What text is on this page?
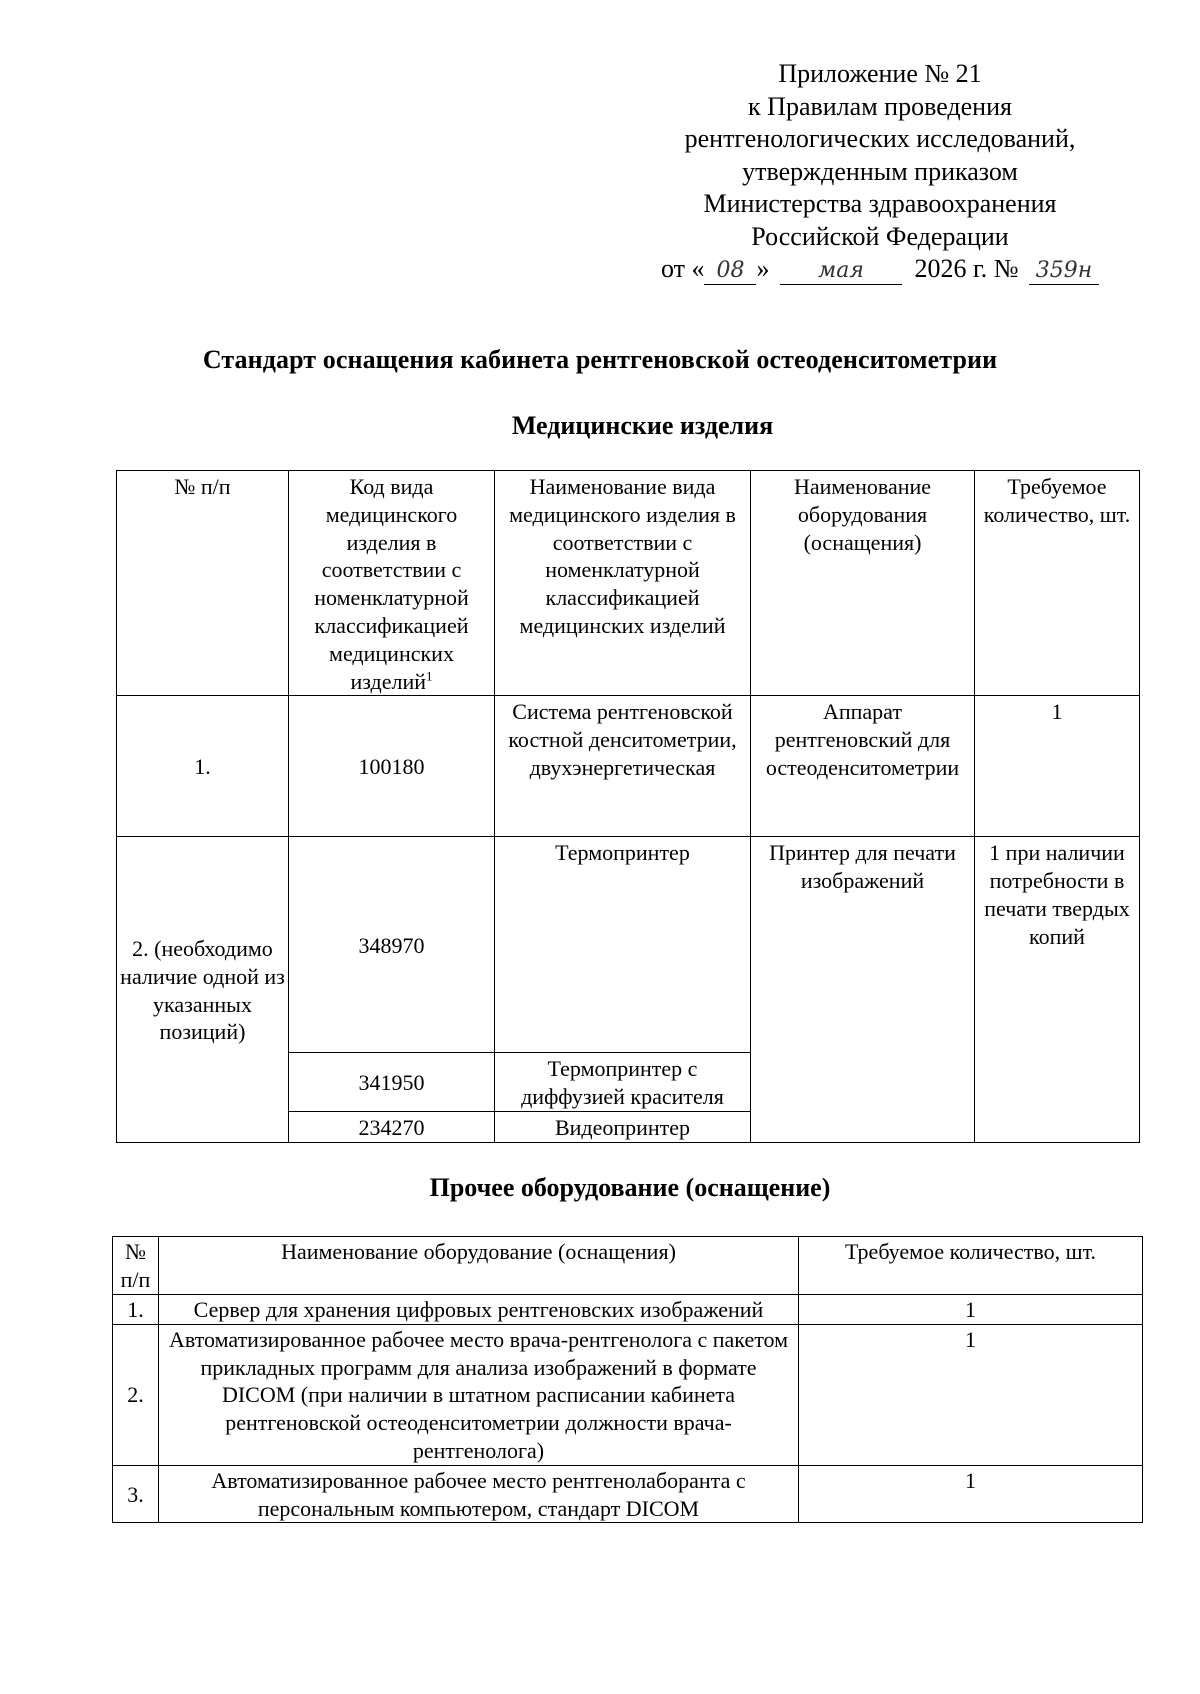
Приложение № 21
к Правилам проведения
рентгенологических исследований,
утвержденным приказом
Министерства здравоохранения
Российской Федерации
от « 08 » мая 2026 г. № 359н
Стандарт оснащения кабинета рентгеновской остеоденситометрии
Медицинские изделия
№ п/п	Код вида медицинского изделия в соответствии с номенклатурной классификацией медицинских изделий$^1$	Наименование вида медицинского изделия в соответствии с номенклатурной классификацией медицинских изделий	Наименование оборудования (оснащения)	Требуемое количество, шт.
1.	100180	Система рентгеновской костной денситометрии, двухэнергетическая	Аппарат рентгеновский для остеоденситометрии	1
2. (необходимо наличие одной из указанных позиций)	348970	Термопринтер	Принтер для печати изображений	1 при наличии потребности в печати твердых копий
	341950	Термопринтер с диффузией красителя		
	234270	Видеопринтер		
Прочее оборудование (оснащение)
№ п/п	Наименование оборудование (оснащения)	Требуемое количество, шт.
1.	Сервер для хранения цифровых рентгеновских изображений	1
2.	Автоматизированное рабочее место врача-рентгенолога с пакетом прикладных программ для анализа изображений в формате DICOM (при наличии в штатном расписании кабинета рентгеновской остеоденситометрии должности врача-рентгенолога)	1
3.	Автоматизированное рабочее место рентгенолаборанта с персональным компьютером, стандарт DICOM	1
